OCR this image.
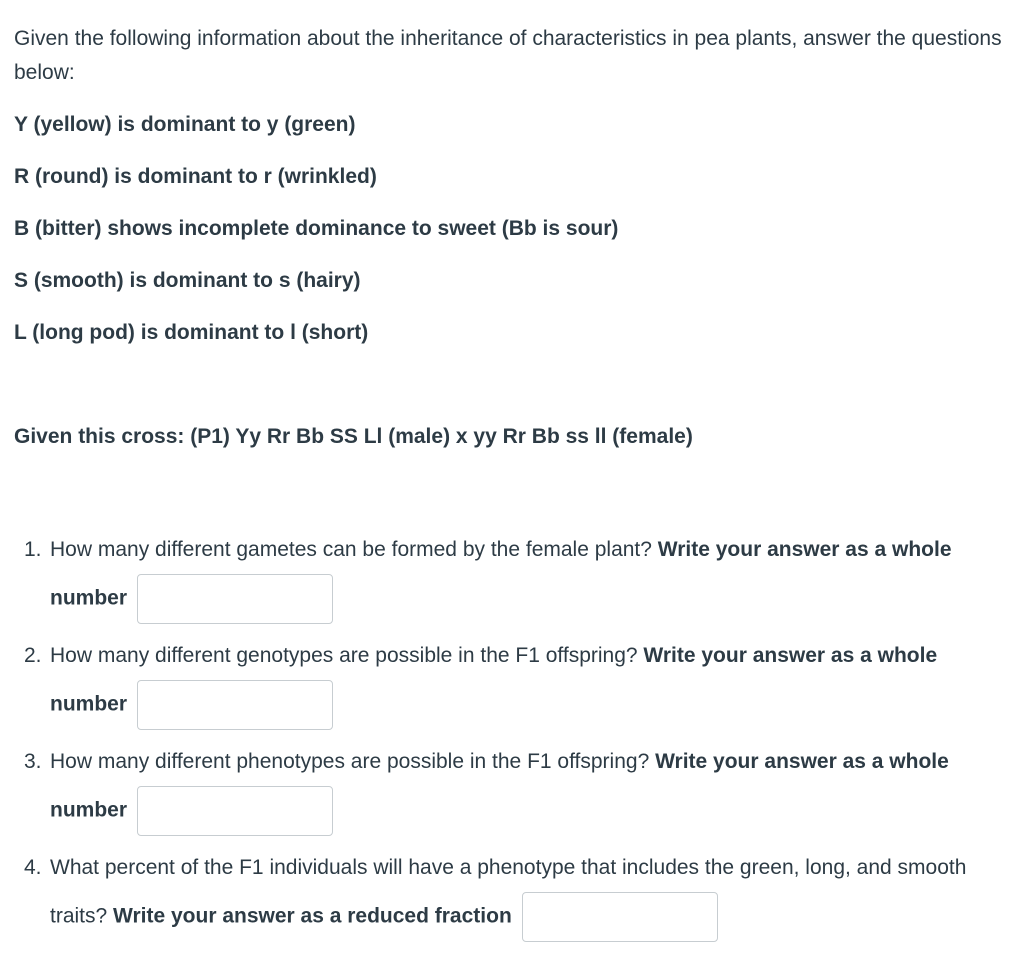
Given the following information about the inheritance of characteristics in pea plants, answer the questions below:

Y (yellow) is dominant to y (green)

R (round) is dominant to r (wrinkled)

B (bitter) shows incomplete dominance to sweet (Bb is sour)

S (smooth) is dominant to s (hairy)

L (long pod) is dominant to l (short)

Given this cross: (P1) Yy Rr Bb SS Ll (male) x yy Rr Bb ss ll (female)

1. How many different gametes can be formed by the female plant? Write your answer as a whole number
2. How many different genotypes are possible in the F1 offspring? Write your answer as a whole number
3. How many different phenotypes are possible in the F1 offspring? Write your answer as a whole number
4. What percent of the F1 individuals will have a phenotype that includes the green, long, and smooth traits? Write your answer as a reduced fraction
